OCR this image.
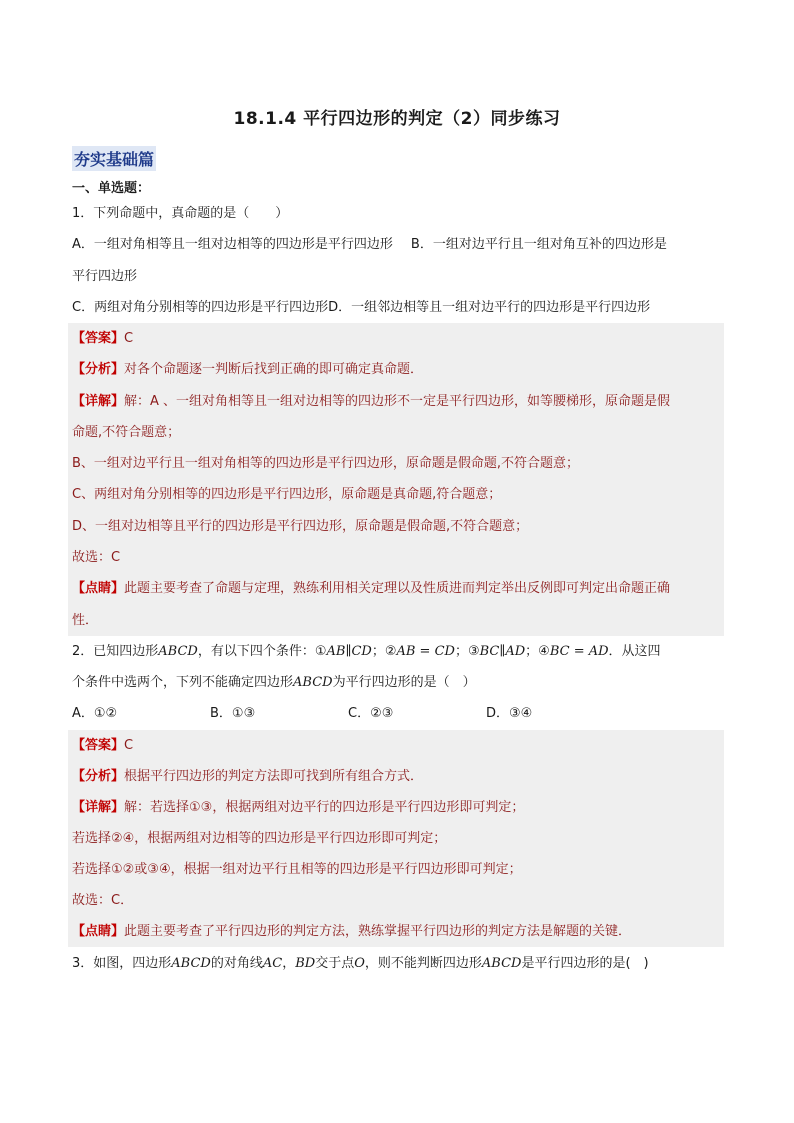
18.1.4 平行四边形的判定（2）同步练习
夯实基础篇
一、单选题：
1．下列命题中，真命题的是（　　）
A．一组对角相等且一组对边相等的四边形是平行四边形 B．一组对边平行且一组对角互补的四边形是
平行四边形
C．两组对角分别相等的四边形是平行四边形D．一组邻边相等且一组对边平行的四边形是平行四边形
【答案】C
【分析】对各个命题逐一判断后找到正确的即可确定真命题．
【详解】解：A 、一组对角相等且一组对边相等的四边形不一定是平行四边形，如等腰梯形，原命题是假
命题,不符合题意；
B、一组对边平行且一组对角相等的四边形是平行四边形，原命题是假命题,不符合题意；
C、两组对角分别相等的四边形是平行四边形，原命题是真命题,符合题意；
D、一组对边相等且平行的四边形是平行四边形，原命题是假命题,不符合题意；
故选：C
【点睛】此题主要考查了命题与定理，熟练利用相关定理以及性质进而判定举出反例即可判定出命题正确
性．
2．已知四边形ABCD，有以下四个条件：①AB∥CD；②AB = CD；③BC∥AD；④BC = AD．从这四
个条件中选两个，下列不能确定四边形ABCD为平行四边形的是（　）
A．①②	B．①③	C．②③	D．③④
【答案】C
【分析】根据平行四边形的判定方法即可找到所有组合方式．
【详解】解：若选择①③，根据两组对边平行的四边形是平行四边形即可判定；
若选择②④，根据两组对边相等的四边形是平行四边形即可判定；
若选择①②或③④，根据一组对边平行且相等的四边形是平行四边形即可判定；
故选：C．
【点睛】此题主要考查了平行四边形的判定方法，熟练掌握平行四边形的判定方法是解题的关键．
3．如图，四边形ABCD的对角线AC，BD交于点O，则不能判断四边形ABCD是平行四边形的是(　)
